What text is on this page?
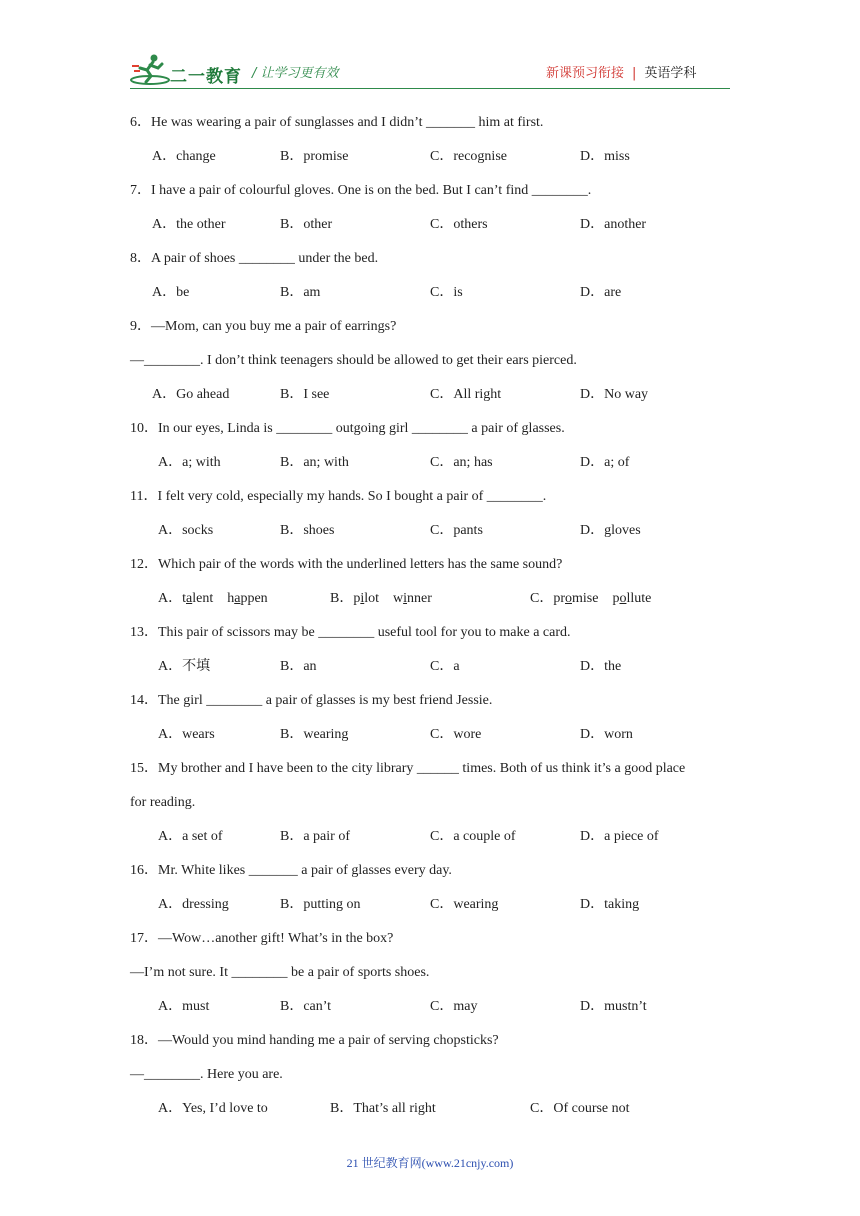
二一教育 / 让学习更有效	新课预习衔接 | 英语学科
6．He was wearing a pair of sunglasses and I didn’t _______ him at first.
A．change	B．promise	C．recognise	D．miss
7．I have a pair of colourful gloves. One is on the bed. But I can’t find ________.
A．the other	B．other	C．others	D．another
8．A pair of shoes ________ under the bed.
A．be	B．am	C．is	D．are
9．—Mom, can you buy me a pair of earrings?
—________. I don’t think teenagers should be allowed to get their ears pierced.
A．Go ahead	B．I see	C．All right	D．No way
10．In our eyes, Linda is ________ outgoing girl ________ a pair of glasses.
A．a; with	B．an; with	C．an; has	D．a; of
11．I felt very cold, especially my hands. So I bought a pair of ________.
A．socks	B．shoes	C．pants	D．gloves
12．Which pair of the words with the underlined letters has the same sound?
A．talent    happen	B．pilot    winner	C．promise    pollute
13．This pair of scissors may be ________ useful tool for you to make a card.
A．不填	B．an	C．a	D．the
14．The girl ________ a pair of glasses is my best friend Jessie.
A．wears	B．wearing	C．wore	D．worn
15．My brother and I have been to the city library ______ times. Both of us think it’s a good place
for reading.
A．a set of	B．a pair of	C．a couple of	D．a piece of
16．Mr. White likes _______ a pair of glasses every day.
A．dressing	B．putting on	C．wearing	D．taking
17．—Wow…another gift! What’s in the box?
—I’m not sure. It ________ be a pair of sports shoes.
A．must	B．can’t	C．may	D．mustn’t
18．—Would you mind handing me a pair of serving chopsticks?
—________. Here you are.
A．Yes, I’d love to	B．That’s all right	C．Of course not
21 世纪教育网(www.21cnjy.com)
